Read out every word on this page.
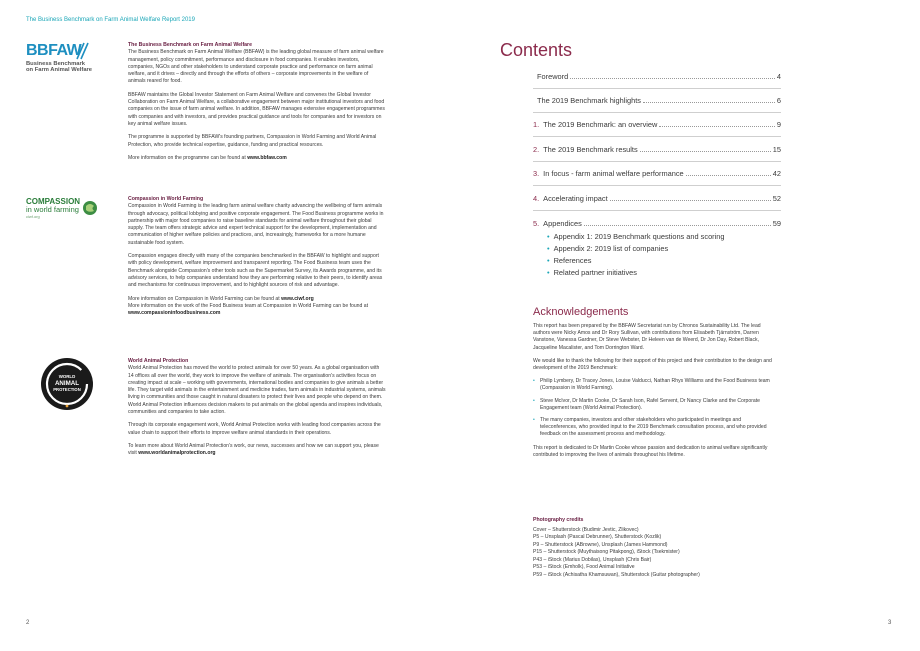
The Business Benchmark on Farm Animal Welfare Report 2019
BBFAW
Business Benchmark
on Farm Animal Welfare
The Business Benchmark on Farm Animal Welfare

The Business Benchmark on Farm Animal Welfare (BBFAW) is the leading global measure of farm animal welfare management, policy commitment, performance and disclosure in food companies. It enables investors, companies, NGOs and other stakeholders to understand corporate practice and performance on farm animal welfare, and it drives – directly and through the efforts of others – corporate improvements in the welfare of animals reared for food.

BBFAW maintains the Global Investor Statement on Farm Animal Welfare and convenes the Global Investor Collaboration on Farm Animal Welfare, a collaborative engagement between major institutional investors and food companies on the issue of farm animal welfare. In addition, BBFAW manages extensive engagement programmes with companies and with investors, and provides practical guidance and tools for companies and for investors on key animal welfare issues.

The programme is supported by BBFAW's founding partners, Compassion in World Farming and World Animal Protection, who provide technical expertise, guidance, funding and practical resources.

More information on the programme can be found at www.bbfaw.com

COMPASSION
in world farming
ciwf.org
Compassion in World Farming

Compassion in World Farming is the leading farm animal welfare charity advancing the wellbeing of farm animals through advocacy, political lobbying and positive corporate engagement. The Food Business programme works in partnership with major food companies to raise baseline standards for animal welfare throughout their global supply. The team offers strategic advice and expert technical support for the development, implementation and communication of higher welfare policies and practices, and, increasingly, frameworks for a more humane sustainable food system.

Compassion engages directly with many of the companies benchmarked in the BBFAW to highlight and support with policy development, welfare improvement and transparent reporting. The Food Business team uses the Benchmark alongside Compassion's other tools such as the Supermarket Survey, its Awards programme, and its advisory services, to help companies understand how they are performing relative to their peers, to identify areas and mechanisms for continuous improvement, and to highlight sources of risk and advantage.

More information on Compassion in World Farming can be found at www.ciwf.org

More information on the work of the Food Business team at Compassion in World Farming can be found at www.compassioninfoodbusiness.com

WORLD
ANIMAL
PROTECTION
World Animal Protection

World Animal Protection has moved the world to protect animals for over 50 years. As a global organisation with 14 offices all over the world, they work to improve the welfare of animals. The organisation's activities focus on creating impact at scale – working with governments, international bodies and companies to give animals a better life. They target wild animals in the entertainment and medicine trades, farm animals in industrial systems, animals living in communities and those caught in natural disasters to protect their lives and people who depend on them. World Animal Protection influences decision makers to put animals on the global agenda and inspires individuals, communities and companies to take action.

Through its corporate engagement work, World Animal Protection works with leading food companies across the value chain to support their efforts to improve welfare animal standards in their operations.

To learn more about World Animal Protection's work, our news, successes and how we can support you, please visit www.worldanimalprotection.org

2
Contents
Foreword	4
The 2019 Benchmark highlights	6
1. The 2019 Benchmark: an overview	9
2. The 2019 Benchmark results	15
3. In focus - farm animal welfare performance	42
4. Accelerating impact	52
5. Appendices	59
• Appendix 1: 2019 Benchmark questions and scoring
• Appendix 2: 2019 list of companies
• References
• Related partner initiatives
Acknowledgements

This report has been prepared by the BBFAW Secretariat run by Chronos Sustainability Ltd. The lead authors were Nicky Amos and Dr Rory Sullivan, with contributions from Elisabeth Tjärnström, Darren Vanstone, Vanessa Gardner, Dr Steve Webster, Dr Heleen van de Weerd, Dr Jon Day, Robert Black, Jacqueline Macalister, and Tom Dorrington Ward.

We would like to thank the following for their support of this project and their contribution to the design and development of the 2019 Benchmark:

• Philip Lymbery, Dr Tracey Jones, Louise Valducci, Nathan Rhys Williams and the Food Business team (Compassion in World Farming).
• Steve McIvor, Dr Martin Cooke, Dr Sarah Ison, Rafel Servent, Dr Nancy Clarke and the Corporate Engagement team (World Animal Protection).
• The many companies, investors and other stakeholders who participated in meetings and teleconferences, who provided input to the 2019 Benchmark consultation process, and who provided feedback on the assessment process and methodology.

This report is dedicated to Dr Martin Cooke whose passion and dedication to animal welfare significantly contributed to improving the lives of animals throughout his lifetime.

Photography credits
Cover – Shutterstock (Budimir Jevtic, Zlikovec)
P5 – Unsplash (Pascal Debrunner), Shutterstock (Kozlik)
P9 – Shutterstock (ABrowne), Unsplash (James Hammond)
P15 – Shutterstock (Muythaisong Pitakpong), iStock (Tsekmister)
P43 – iStock (Marius Dobilas), Unsplash (Chris Bair)
P53 – iStock (Emholk), Food Animal Initiative
P59 – iStock (Achisatha Khamsuwan), Shutterstock (Guitar photographer)
3
